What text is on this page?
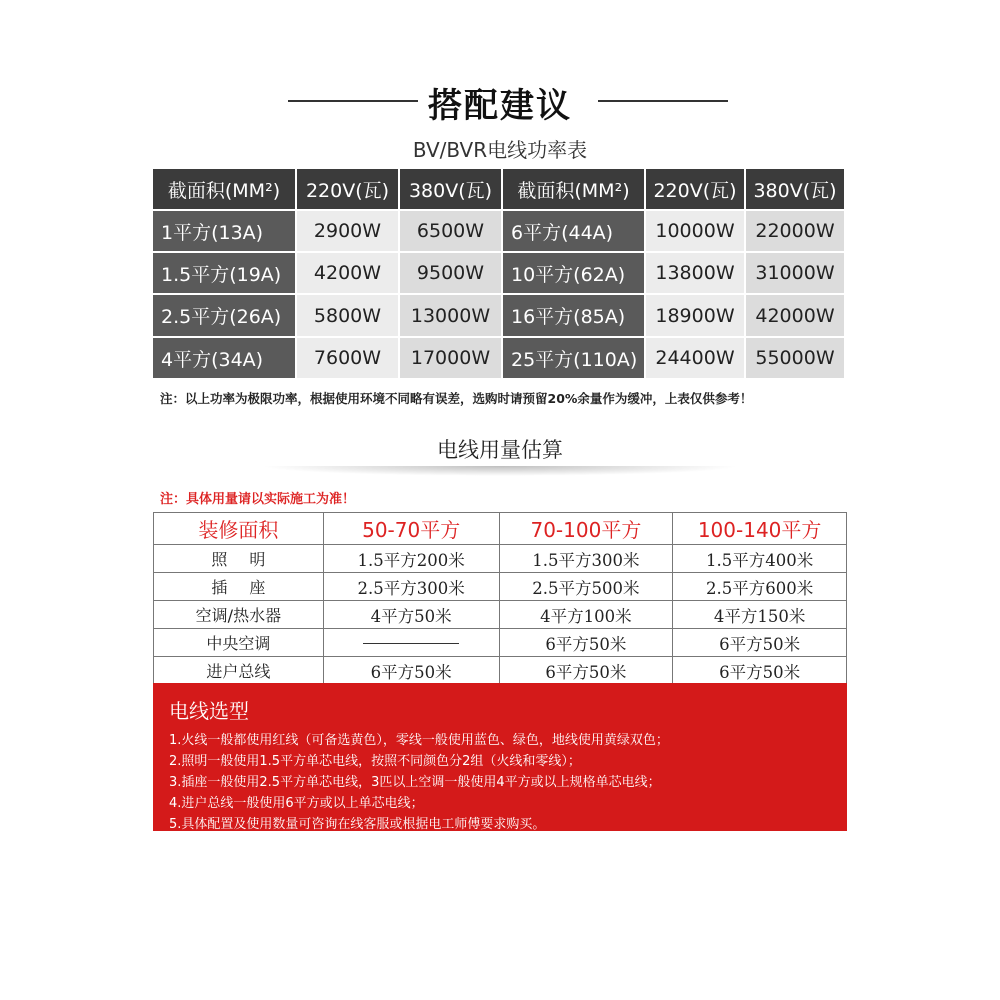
搭配建议
BV/BVR电线功率表
截面积(MM²)	220V(瓦)	380V(瓦)	截面积(MM²)	220V(瓦) 380V(瓦)
1平方(13A)	2900W	6500W	6平方(44A)	10000W	22000W
1.5平方(19A)	4200W	9500W	10平方(62A)	13800W	31000W
2.5平方(26A)	5800W	13000W	16平方(85A)	18900W	42000W
4平方(34A)	7600W	17000W	25平方(110A) 24400W	55000W
注：以上功率为极限功率，根据使用环境不同略有误差，选购时请预留20%余量作为缓冲，上表仅供参考！
电线用量估算
注：具体用量请以实际施工为准！
装修面积	50-70平方	70-100平方	100-140平方
照明	1.5平方200米	1.5平方300米	1.5平方400米
插座	2.5平方300米	2.5平方500米	2.5平方600米
空调/热水器	4平方50米	4平方100米	4平方150米
中央空调		6平方50米	6平方50米
进户总线	6平方50米	6平方50米	6平方50米
电线选型
1.火线一般都使用红线（可备选黄色），零线一般使用蓝色、绿色，地线使用黄绿双色；
2.照明一般使用1.5平方单芯电线，按照不同颜色分2组（火线和零线）；
3.插座一般使用2.5平方单芯电线，3匹以上空调一般使用4平方或以上规格单芯电线；
4.进户总线一般使用6平方或以上单芯电线；
5.具体配置及使用数量可咨询在线客服或根据电工师傅要求购买。
